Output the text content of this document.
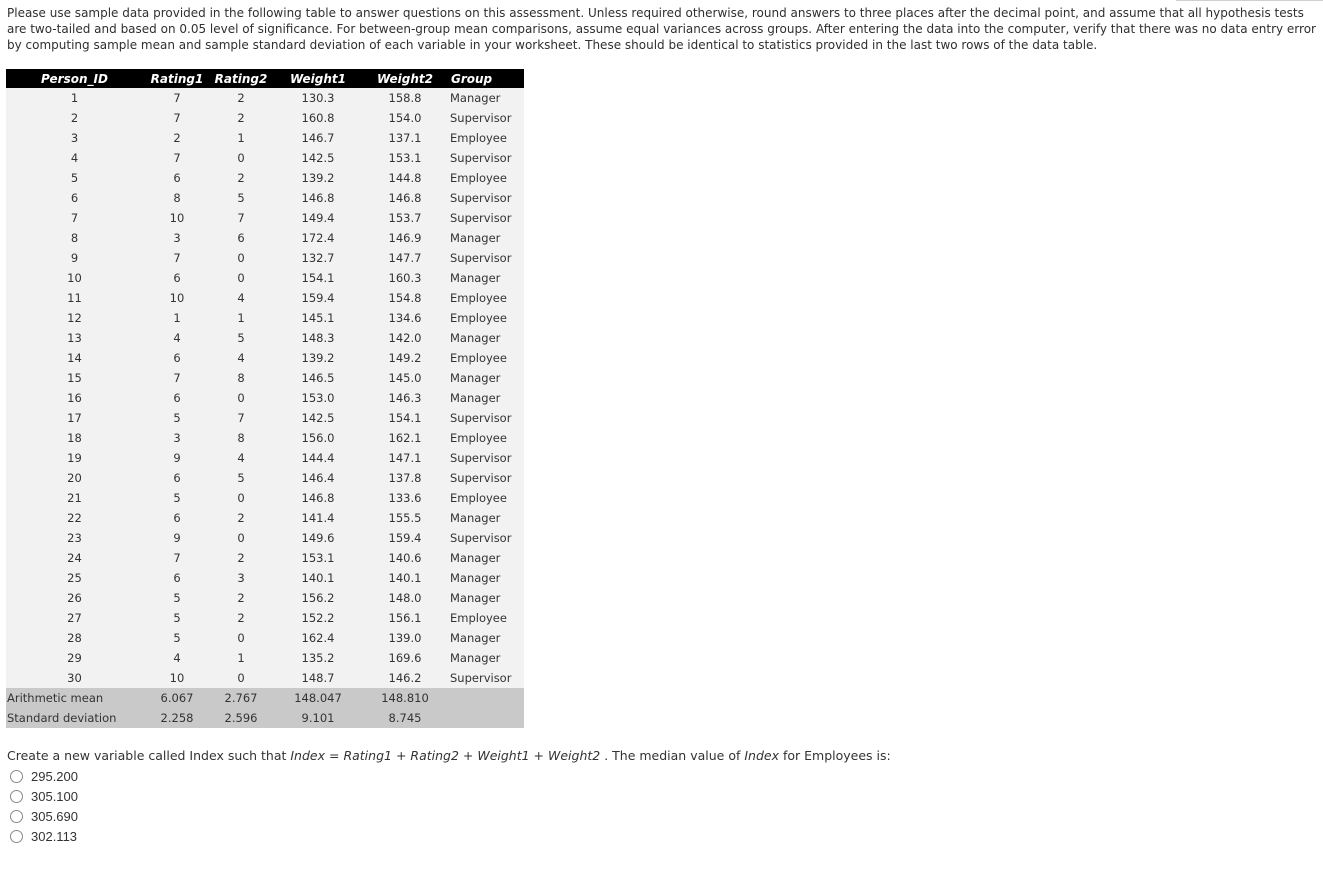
Please use sample data provided in the following table to answer questions on this assessment. Unless required otherwise, round answers to three places after the decimal point, and assume that all hypothesis tests are two-tailed and based on 0.05 level of significance. For between-group mean comparisons, assume equal variances across groups. After entering the data into the computer, verify that there was no data entry error by computing sample mean and sample standard deviation of each variable in your worksheet. These should be identical to statistics provided in the last two rows of the data table.
Person_ID	Rating1	Rating2	Weight1	Weight2	Group
1	7	2	130.3	158.8	Manager
2	7	2	160.8	154.0	Supervisor
3	2	1	146.7	137.1	Employee
4	7	0	142.5	153.1	Supervisor
5	6	2	139.2	144.8	Employee
6	8	5	146.8	146.8	Supervisor
7	10	7	149.4	153.7	Supervisor
8	3	6	172.4	146.9	Manager
9	7	0	132.7	147.7	Supervisor
10	6	0	154.1	160.3	Manager
11	10	4	159.4	154.8	Employee
12	1	1	145.1	134.6	Employee
13	4	5	148.3	142.0	Manager
14	6	4	139.2	149.2	Employee
15	7	8	146.5	145.0	Manager
16	6	0	153.0	146.3	Manager
17	5	7	142.5	154.1	Supervisor
18	3	8	156.0	162.1	Employee
19	9	4	144.4	147.1	Supervisor
20	6	5	146.4	137.8	Supervisor
21	5	0	146.8	133.6	Employee
22	6	2	141.4	155.5	Manager
23	9	0	149.6	159.4	Supervisor
24	7	2	153.1	140.6	Manager
25	6	3	140.1	140.1	Manager
26	5	2	156.2	148.0	Manager
27	5	2	152.2	156.1	Employee
28	5	0	162.4	139.0	Manager
29	4	1	135.2	169.6	Manager
30	10	0	148.7	146.2	Supervisor
Arithmetic mean	6.067	2.767	148.047	148.810	
Standard deviation	2.258	2.596	9.101	8.745	
Create a new variable called Index such that Index = Rating1 + Rating2 + Weight1 + Weight2 . The median value of Index for Employees is:
295.200
305.100
305.690
302.113
